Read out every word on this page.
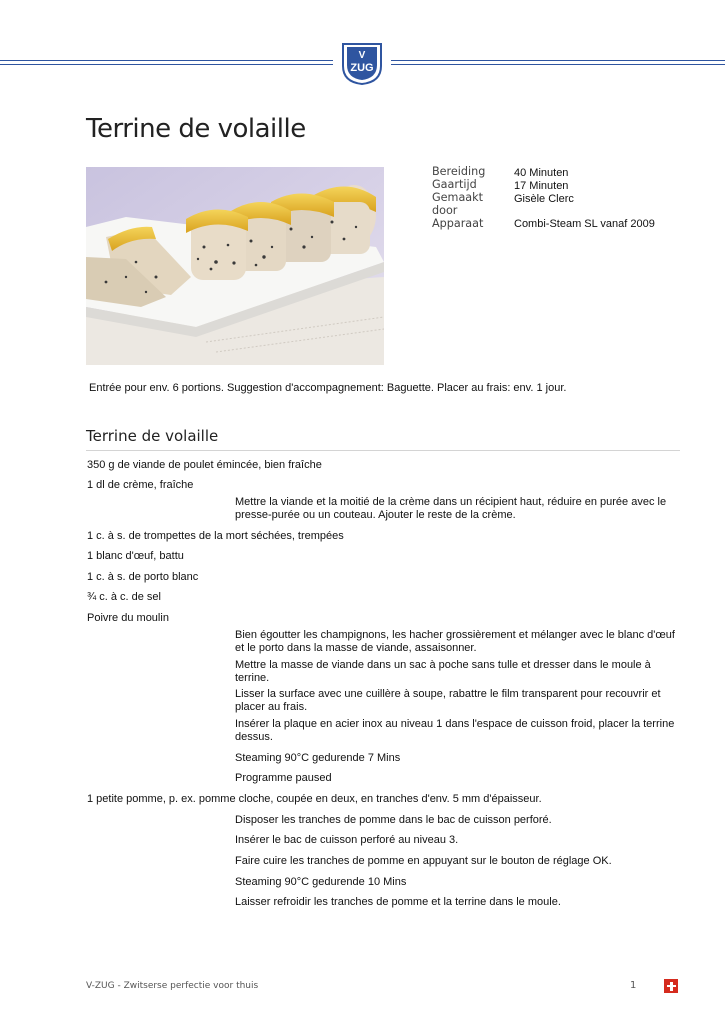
V
ZUG
Terrine de volaille
Bereiding	40 Minuten
Gaartijd	17 Minuten
Gemaakt
door
Gisèle Clerc
Apparaat	Combi-Steam SL vanaf 2009
Entrée pour env. 6 portions. Suggestion d'accompagnement: Baguette. Placer au frais: env. 1 jour.
Terrine de volaille
350 g de viande de poulet émincée, bien fraîche
1 dl de crème, fraîche
1 c. à s. de trompettes de la mort séchées, trempées
1 blanc d'œuf, battu
1 c. à s. de porto blanc
¾ c. à c. de sel
Poivre du moulin
1 petite pomme, p. ex. pomme cloche, coupée en deux, en tranches d'env. 5 mm d'épaisseur.
Mettre la viande et la moitié de la crème dans un récipient haut, réduire en purée avec le presse-purée ou un couteau. Ajouter le reste de la crème.
Bien égoutter les champignons, les hacher grossièrement et mélanger avec le blanc d'œuf et le porto dans la masse de viande, assaisonner.
Mettre la masse de viande dans un sac à poche sans tulle et dresser dans le moule à terrine.
Lisser la surface avec une cuillère à soupe, rabattre le film transparent pour recouvrir et placer au frais.
Insérer la plaque en acier inox au niveau 1 dans l'espace de cuisson froid, placer la terrine dessus.
Steaming 90°C gedurende 7 Mins
Programme paused
Disposer les tranches de pomme dans le bac de cuisson perforé.
Insérer le bac de cuisson perforé au niveau 3.
Faire cuire les tranches de pomme en appuyant sur le bouton de réglage OK.
Steaming 90°C gedurende 10 Mins
Laisser refroidir les tranches de pomme et la terrine dans le moule.
V-ZUG - Zwitserse perfectie voor thuis	1
